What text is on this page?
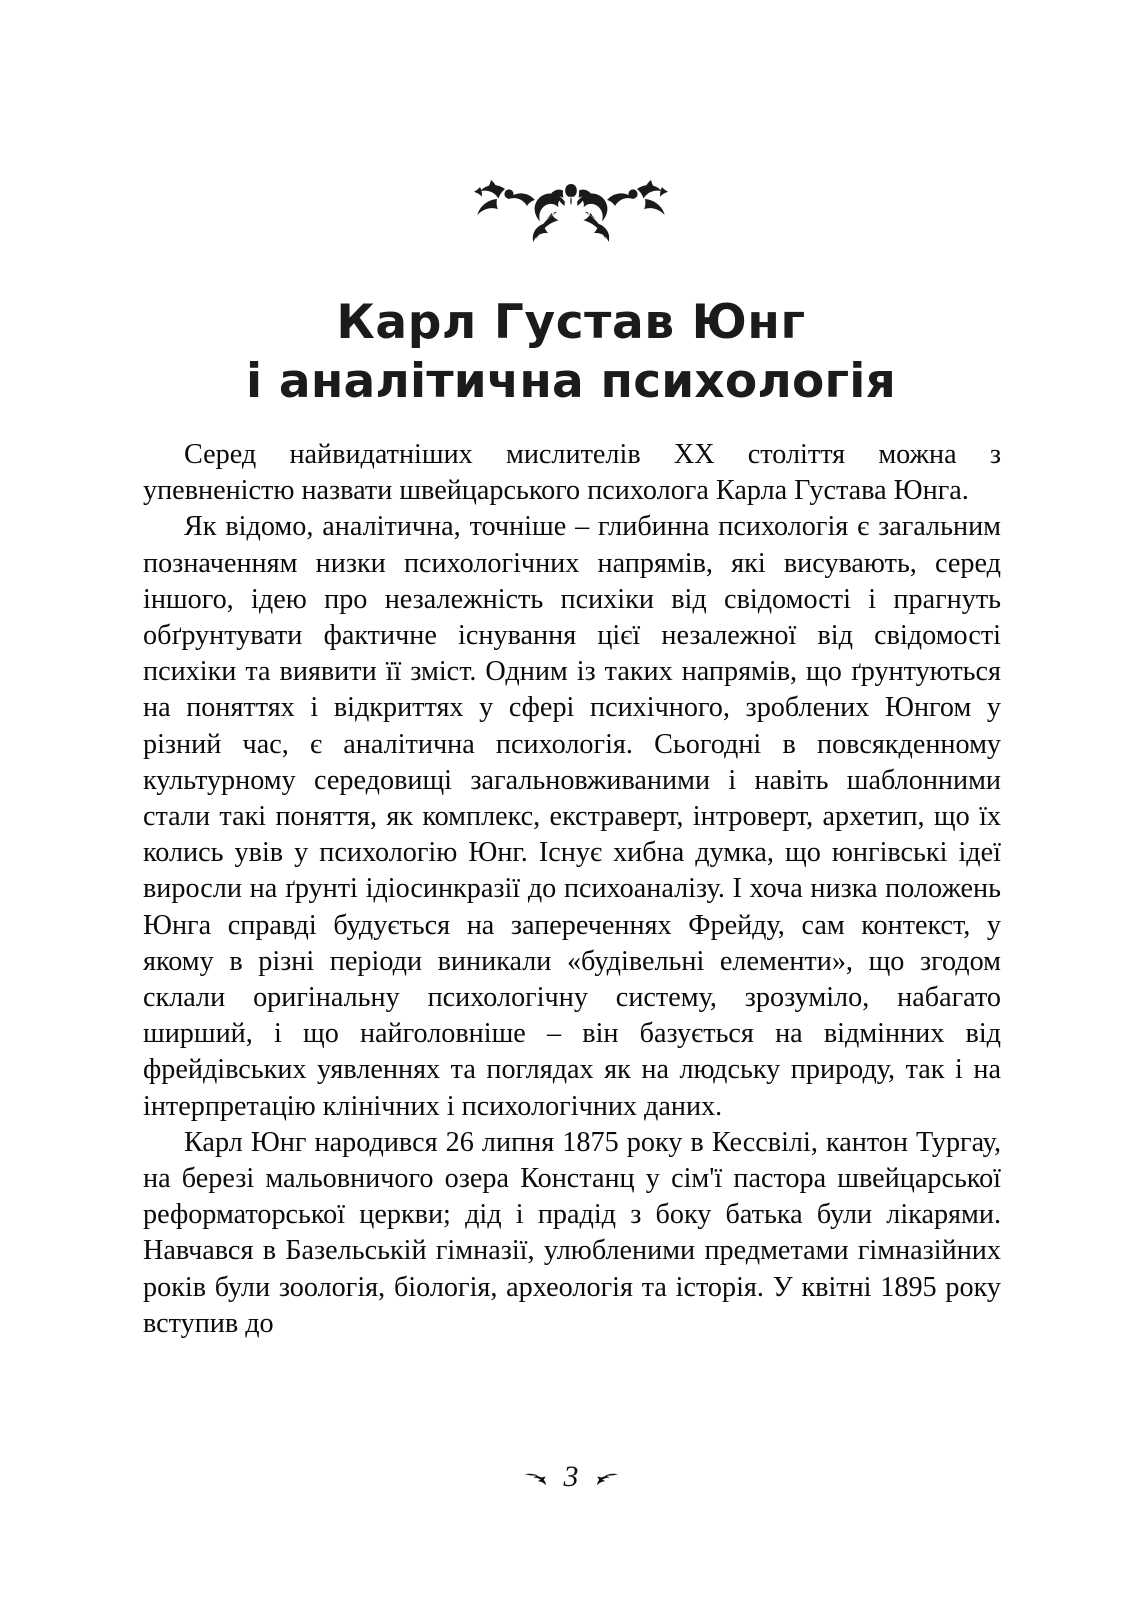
Карл Густав Юнг
і аналітична психологія

Серед найвидатніших мислителів XX століття можна з упевненістю назвати швейцарського психолога Карла Густава Юнга.

Як відомо, аналітична, точніше – глибинна психологія є загальним позначенням низки психологічних напрямів, які висувають, серед іншого, ідею про незалежність психіки від свідомості і прагнуть обґрунтувати фактичне існування цієї незалежної від свідомості психіки та виявити її зміст. Одним із таких напрямів, що ґрунтуються на поняттях і відкриттях у сфері психічного, зроблених Юнгом у різний час, є аналітична психологія. Сьогодні в повсякденному культурному середовищі загальновживаними і навіть шаблонними стали такі поняття, як комплекс, екстраверт, інтроверт, архетип, що їх колись увів у психологію Юнг. Існує хибна думка, що юнгівські ідеї виросли на ґрунті ідіосинкразії до психоаналізу. І хоча низка положень Юнга справді будується на запереченнях Фрейду, сам контекст, у якому в різні періоди виникали «будівельні елементи», що згодом склали оригінальну психологічну систему, зрозуміло, набагато ширший, і що найголовніше – він базується на відмінних від фрейдівських уявленнях та поглядах як на людську природу, так і на інтерпретацію клінічних і психологічних даних.

Карл Юнг народився 26 липня 1875 року в Кессвілі, кантон Тургау, на березі мальовничого озера Констанц у сім'ї пастора швейцарської реформаторської церкви; дід і прадід з боку батька були лікарями. Навчався в Базельській гімназії, улюбленими предметами гімназійних років були зоологія, біологія, археологія та історія. У квітні 1895 року вступив до

3
